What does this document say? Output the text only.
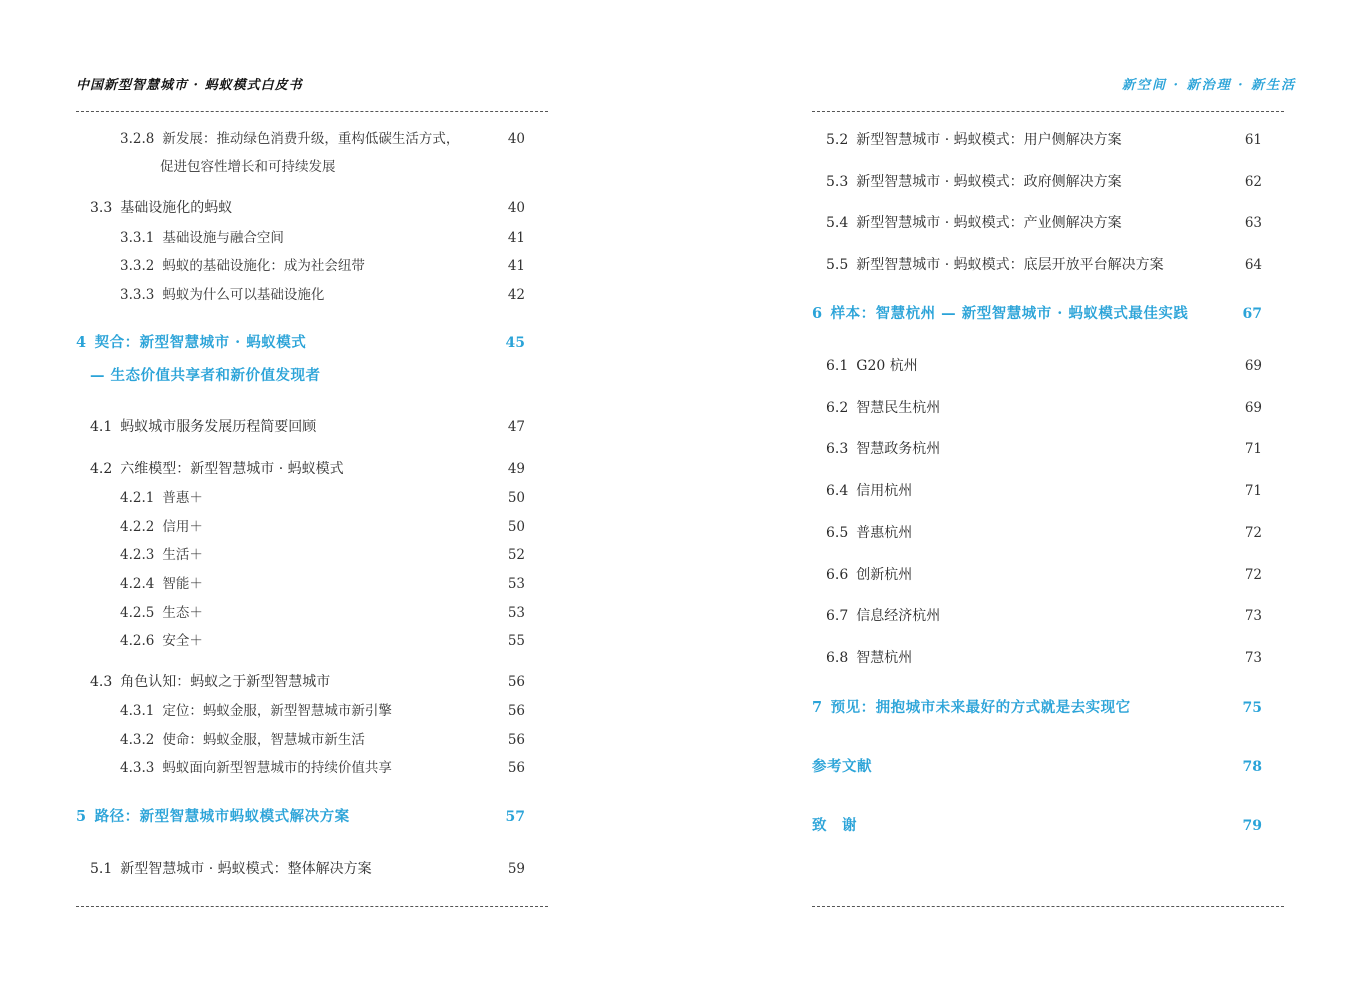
中国新型智慧城市 · 蚂蚁模式白皮书
3.2.8 新发展：推动绿色消费升级，重构低碳生活方式，	40
促进包容性增长和可持续发展
3.3 基础设施化的蚂蚁	40
3.3.1 基础设施与融合空间	41
3.3.2 蚂蚁的基础设施化：成为社会纽带	41
3.3.3 蚂蚁为什么可以基础设施化	42
4 契合：新型智慧城市 · 蚂蚁模式	45
— 生态价值共享者和新价值发现者
4.1 蚂蚁城市服务发展历程简要回顾	47
4.2 六维模型：新型智慧城市 · 蚂蚁模式	49
4.2.1 普惠＋	50
4.2.2 信用＋	50
4.2.3 生活＋	52
4.2.4 智能＋	53
4.2.5 生态＋	53
4.2.6 安全＋	55
4.3 角色认知：蚂蚁之于新型智慧城市	56
4.3.1 定位：蚂蚁金服，新型智慧城市新引擎	56
4.3.2 使命：蚂蚁金服，智慧城市新生活	56
4.3.3 蚂蚁面向新型智慧城市的持续价值共享	56
5 路径：新型智慧城市蚂蚁模式解决方案	57
5.1 新型智慧城市 · 蚂蚁模式：整体解决方案	59
新空间 · 新治理 · 新生活
5.2 新型智慧城市 · 蚂蚁模式：用户侧解决方案	61
5.3 新型智慧城市 · 蚂蚁模式：政府侧解决方案	62
5.4 新型智慧城市 · 蚂蚁模式：产业侧解决方案	63
5.5 新型智慧城市 · 蚂蚁模式：底层开放平台解决方案	64
6 样本：智慧杭州 — 新型智慧城市 · 蚂蚁模式最佳实践	67
6.1 G20 杭州	69
6.2 智慧民生杭州	69
6.3 智慧政务杭州	71
6.4 信用杭州	71
6.5 普惠杭州	72
6.6 创新杭州	72
6.7 信息经济杭州	73
6.8 智慧杭州	73
7 预见：拥抱城市未来最好的方式就是去实现它	75
参考文献	78
致　谢	79
